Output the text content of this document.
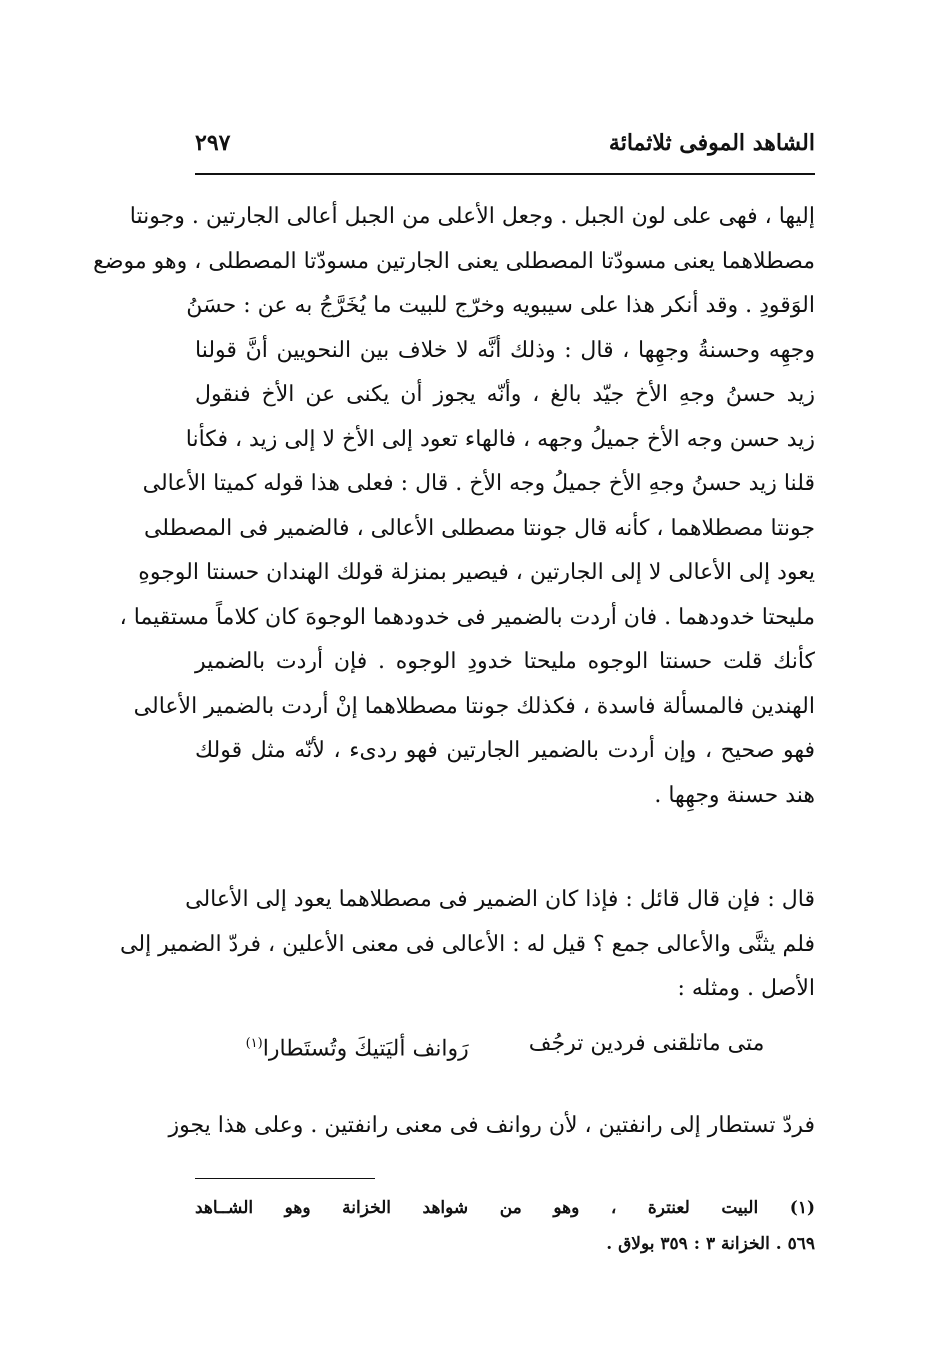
الشاهد الموفى ثلاثمائة
٢٩٧
إليها ، فهى على لون الجبل . وجعل الأعلى من الجبل أعالى الجارتين . وجونتا
مصطلاهما يعنى مسودّتا المصطلى يعنى الجارتين مسودّتا المصطلى ، وهو موضع
الوَقودِ . وقد أنكر هذا على سيبويه وخرّج للبيت ما يُخَرَّجُ به عن : حسَنُ
وجهِه وحسنةُ وجهِها ، قال : وذلك أنَّه لا خلاف بين النحويين أنَّ قولنا
زيد حسنُ وجهِ الأخ جيّد بالغ ، وأنّه يجوز أن يكنى عن الأخ فنقول
زيد حسن وجه الأخ جميلُ وجهه ، فالهاء تعود إلى الأخ لا إلى زيد ، فكأنا
قلنا زيد حسنُ وجهِ الأخ جميلُ وجه الأخ . قال : فعلى هذا قوله كميتا الأعالى
جونتا مصطلاهما ، كأنه قال جونتا مصطلى الأعالى ، فالضمير فى المصطلى
يعود إلى الأعالى لا إلى الجارتين ، فيصير بمنزلة قولك الهندان حسنتا الوجوهِ
مليحتا خدودهما . فان أردت بالضمير فى خدودهما الوجوهَ كان كلاماً مستقيما ،
كأنك قلت حسنتا الوجوه مليحتا خدودِ الوجوه . فإن أردت بالضمير
الهندين فالمسألة فاسدة ، فكذلك جونتا مصطلاهما إنْ أردت بالضمير الأعالى
فهو صحيح ، وإن أردت بالضمير الجارتين فهو ردىء ، لأنّه مثل قولك
هند حسنة وجهِها .
قال : فإن قال قائل : فإذا كان الضمير فى مصطلاهما يعود إلى الأعالى
فلم يثنَّى والأعالى جمع ؟ قيل له : الأعالى فى معنى الأعلين ، فردّ الضمير إلى
الأصل . ومثله :
متى ماتلقنى فردين ترجُف
رَوانف أليَتيكَ وتُستَطارا$^{(١)}$
فردّ تستطار إلى رانفتين ، لأن روانف فى معنى رانفتين . وعلى هذا يجوز
(١) البيت لعنترة ، وهو من شواهد الخزانة وهو الشــاهد
٥٦٩ . الخزانة ٣ : ٣٥٩ بولاق .
